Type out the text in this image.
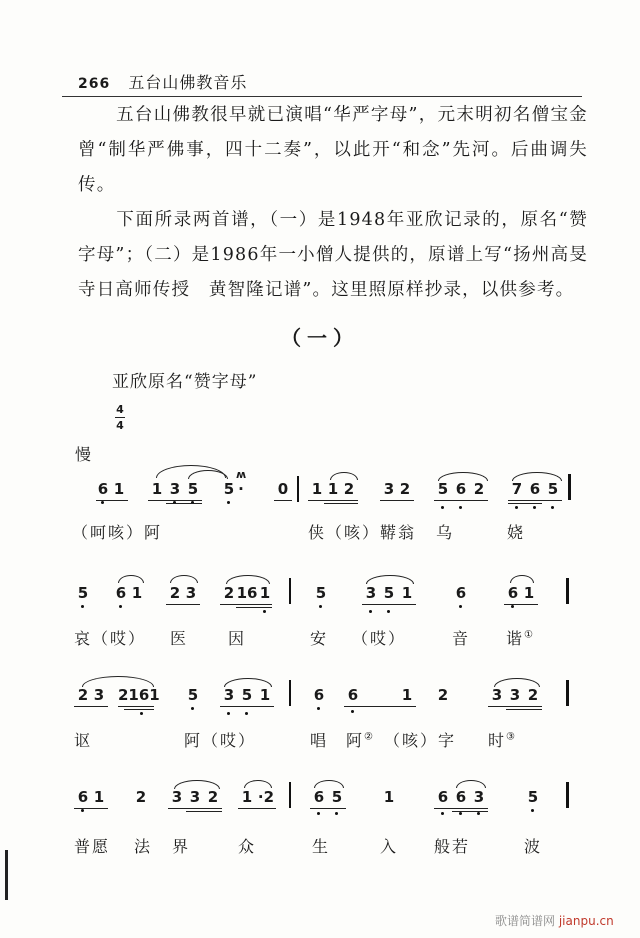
266 五台山佛教音乐
五台山佛教很早就已演唱“华严字母”，元末明初名僧宝金曾“制华严佛事，四十二奏”，以此开“和念”先河。后曲调失传。
下面所录两首谱，（一）是1948年亚欣记录的，原名“赞字母”；（二）是1986年一小僧人提供的，原谱上写“扬州高旻寺日高师传授　黄智隆记谱”。这里照原样抄录，以供参考。
（一）
亚欣原名“赞字母”
4
4
慢
6 1 1 3 5 5 ·
ʍ
0 1 1 2 3 2 5 6 2 7 6 5
（呵咳）阿	侠（咳）鞯翁 乌	娆
5 6 1 2 3 2 16 1	5	3 5 1	6	6 1
哀（哎） 医 因	安 （哎）	音 谐①
2 3 2161 5 3 5 1	6 6	1 2	3 3 2
讴	阿（哎）	唱 阿② （咳）字 时③
6 1 2 3 3 2 1 ·2	6 5	1	6 6 3	5
普愿 法 界	众	生	入 般若	波
歌谱简谱网 jianpu.cn
